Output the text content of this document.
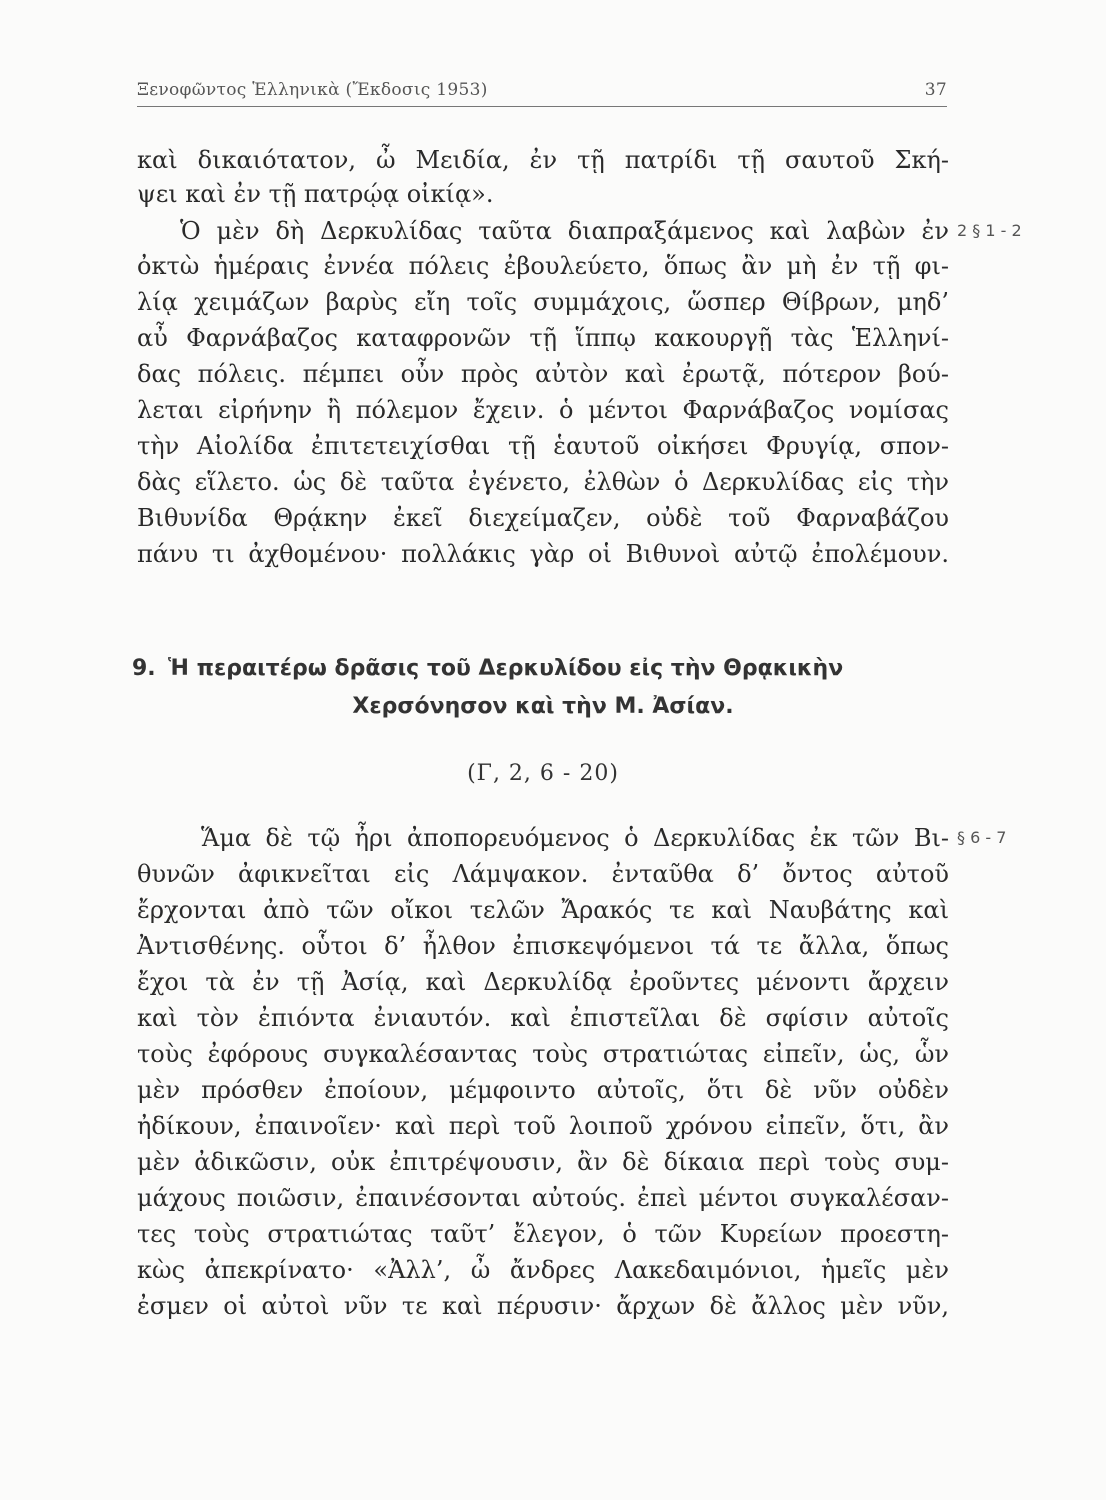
Ξενοφῶντος Ἑλληνικὰ (Ἔκδοσις 1953)	37
καὶ δικαιότατον, ὦ Μειδία, ἐν τῇ πατρίδι τῇ σαυτοῦ Σκή-
ψει καὶ ἐν τῇ πατρῴᾳ οἰκίᾳ».
Ὁ μὲν δὴ Δερκυλίδας ταῦτα διαπραξάμενος καὶ λαβὼν ἐν 2 § 1 - 2
ὀκτὼ ἡμέραις ἐννέα πόλεις ἐβουλεύετο, ὅπως ἂν μὴ ἐν τῇ φι-
λίᾳ χειμάζων βαρὺς εἴη τοῖς συμμάχοις, ὥσπερ Θίβρων, μηδ’
αὖ Φαρνάβαζος καταφρονῶν τῇ ἵππῳ κακουργῇ τὰς Ἑλληνί-
δας πόλεις. πέμπει οὖν πρὸς αὐτὸν καὶ ἐρωτᾷ, πότερον βού-
λεται εἰρήνην ἢ πόλεμον ἔχειν. ὁ μέντοι Φαρνάβαζος νομίσας
τὴν Αἰολίδα ἐπιτετειχίσθαι τῇ ἑαυτοῦ οἰκήσει Φρυγίᾳ, σπον-
δὰς εἵλετο. ὡς δὲ ταῦτα ἐγένετο, ἐλθὼν ὁ Δερκυλίδας εἰς τὴν
Βιθυνίδα Θρᾴκην ἐκεῖ διεχείμαζεν, οὐδὲ τοῦ Φαρναβάζου
πάνυ τι ἀχθομένου· πολλάκις γὰρ οἱ Βιθυνοὶ αὐτῷ ἐπολέμουν.
9. Ἡ περαιτέρω δρᾶσις τοῦ Δερκυλίδου εἰς τὴν Θρᾳκικὴν
Χερσόνησον καὶ τὴν Μ. Ἀσίαν.
(Γ, 2, 6 - 20)
Ἅμα δὲ τῷ ἦρι ἀποπορευόμενος ὁ Δερκυλίδας ἐκ τῶν Βι- § 6 - 7
θυνῶν ἀφικνεῖται εἰς Λάμψακον. ἐνταῦθα δ’ ὄντος αὐτοῦ
ἔρχονται ἀπὸ τῶν οἴκοι τελῶν Ἄρακός τε καὶ Ναυβάτης καὶ
Ἀντισθένης. οὗτοι δ’ ἦλθον ἐπισκεψόμενοι τά τε ἄλλα, ὅπως
ἔχοι τὰ ἐν τῇ Ἀσίᾳ, καὶ Δερκυλίδᾳ ἐροῦντες μένοντι ἄρχειν
καὶ τὸν ἐπιόντα ἐνιαυτόν. καὶ ἐπιστεῖλαι δὲ σφίσιν αὐτοῖς
τοὺς ἐφόρους συγκαλέσαντας τοὺς στρατιώτας εἰπεῖν, ὡς, ὧν
μὲν πρόσθεν ἐποίουν, μέμφοιντο αὐτοῖς, ὅτι δὲ νῦν οὐδὲν
ἠδίκουν, ἐπαινοῖεν· καὶ περὶ τοῦ λοιποῦ χρόνου εἰπεῖν, ὅτι, ἂν
μὲν ἀδικῶσιν, οὐκ ἐπιτρέψουσιν, ἂν δὲ δίκαια περὶ τοὺς συμ-
μάχους ποιῶσιν, ἐπαινέσονται αὐτούς. ἐπεὶ μέντοι συγκαλέσαν-
τες τοὺς στρατιώτας ταῦτ’ ἔλεγον, ὁ τῶν Κυρείων προεστη-
κὼς ἀπεκρίνατο· «Ἀλλ’, ὦ ἄνδρες Λακεδαιμόνιοι, ἡμεῖς μὲν
ἐσμεν οἱ αὐτοὶ νῦν τε καὶ πέρυσιν· ἄρχων δὲ ἄλλος μὲν νῦν,
